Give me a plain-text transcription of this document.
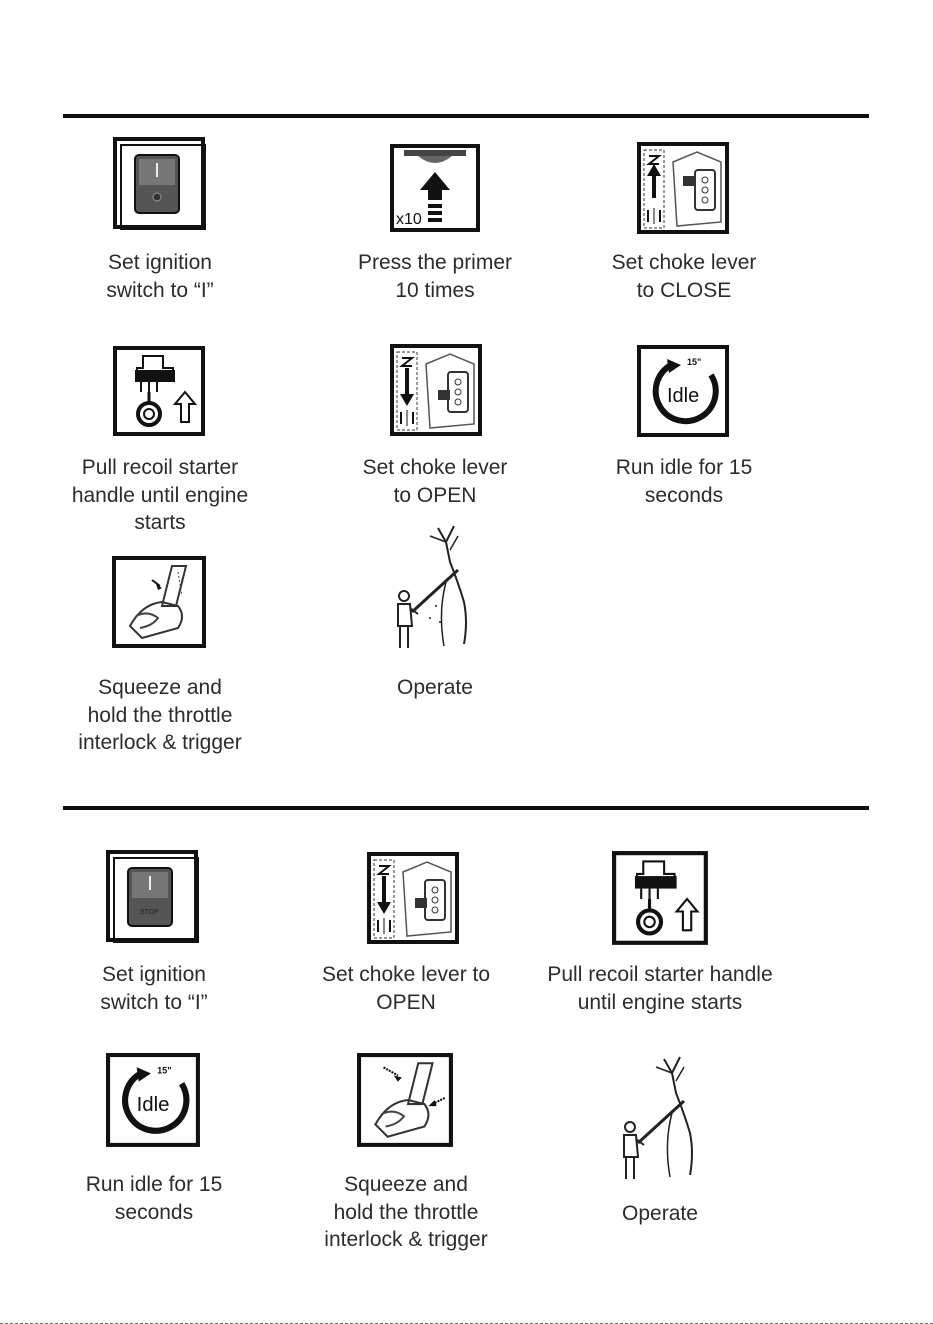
Set ignition
switch to “I”
x10
Press the primer
10 times
Set choke lever
to CLOSE
Pull recoil starter
handle until engine
starts
Set choke lever
to OPEN
15"
Idle
Run idle for 15
seconds
Squeeze and
hold the throttle
interlock & trigger
Operate
STOP
Set ignition
switch to “I”
Set choke lever to
OPEN
Pull recoil starter handle
until engine starts
15"
Idle
Run idle for 15
seconds
Squeeze and
hold the throttle
interlock & trigger
Operate
